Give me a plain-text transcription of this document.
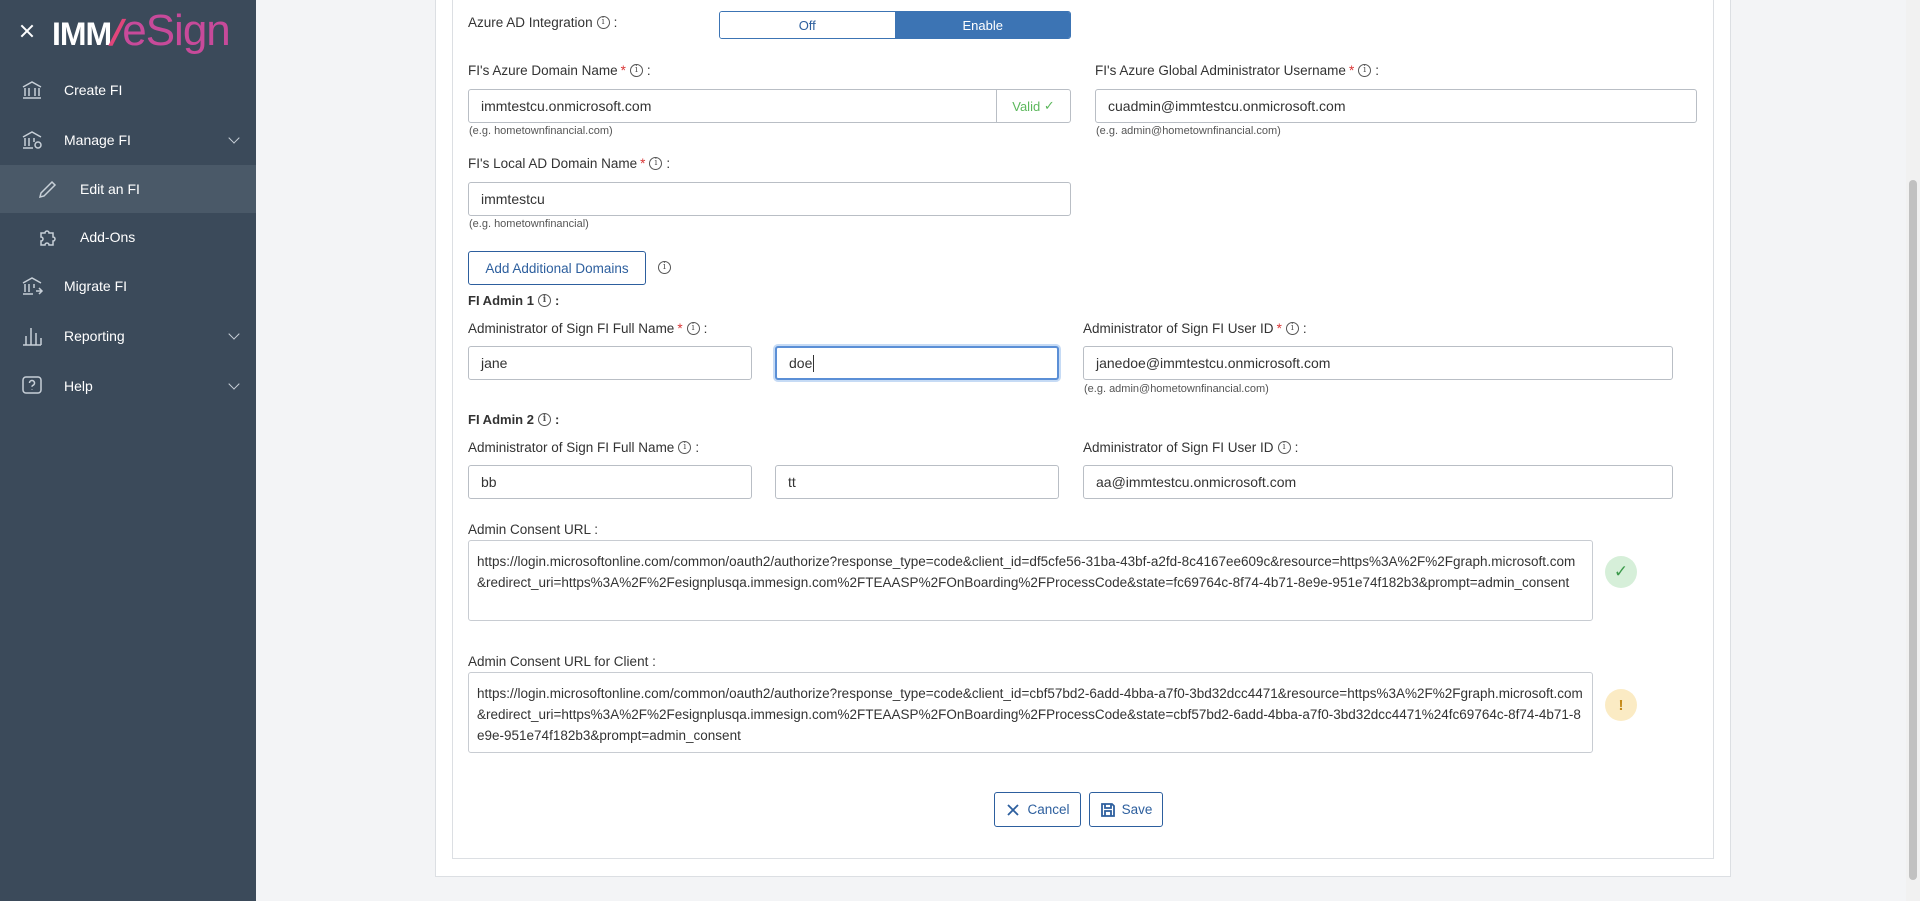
IMM
/
eSign
Create FI
Manage FI
Edit an FI
Add-Ons
Migrate FI
Reporting
Help
Azure AD Integration	i :	Off	Enable
FI's Azure Domain Name *	i :
immtestcu.onmicrosoft.com	Valid
✓
(e.g. hometownfinancial.com)
FI's Azure Global Administrator Username *	i :
cuadmin@immtestcu.onmicrosoft.com
(e.g. admin@hometownfinancial.com)
FI's Local AD Domain Name *	i :
immtestcu
(e.g. hometownfinancial)
Add Additional Domains	i
FI Admin 1 i :
Administrator of Sign FI Full Name *	i :
jane	doe
Administrator of Sign FI User ID *	i :
janedoe@immtestcu.onmicrosoft.com
(e.g. admin@hometownfinancial.com)
FI Admin 2 i :
Administrator of Sign FI Full Name	i :
bb	tt
Administrator of Sign FI User ID	i :
aa@immtestcu.onmicrosoft.com
Admin Consent URL :
https://login.microsoftonline.com/common/oauth2/authorize?response_type=code&client_id=df5cfe56-31ba-43bf-a2fd-8c4167ee609c&resource=https%3A%2F%2Fgraph.microsoft.com&redirect_uri=https%3A%2F%2Fesignplusqa.immesign.com%2FTEAASP%2FOnBoarding%2FProcessCode&state=fc69764c-8f74-4b71-8e9e-951e74f182b3&prompt=admin_consent
✓
Admin Consent URL for Client :
https://login.microsoftonline.com/common/oauth2/authorize?response_type=code&client_id=cbf57bd2-6add-4bba-a7f0-3bd32dcc4471&resource=https%3A%2F%2Fgraph.microsoft.com&redirect_uri=https%3A%2F%2Fesignplusqa.immesign.com%2FTEAASP%2FOnBoarding%2FProcessCode&state=cbf57bd2-6add-4bba-a7f0-3bd32dcc4471%24fc69764c-8f74-4b71-8e9e-951e74f182b3&prompt=admin_consent
!
Cancel	Save
